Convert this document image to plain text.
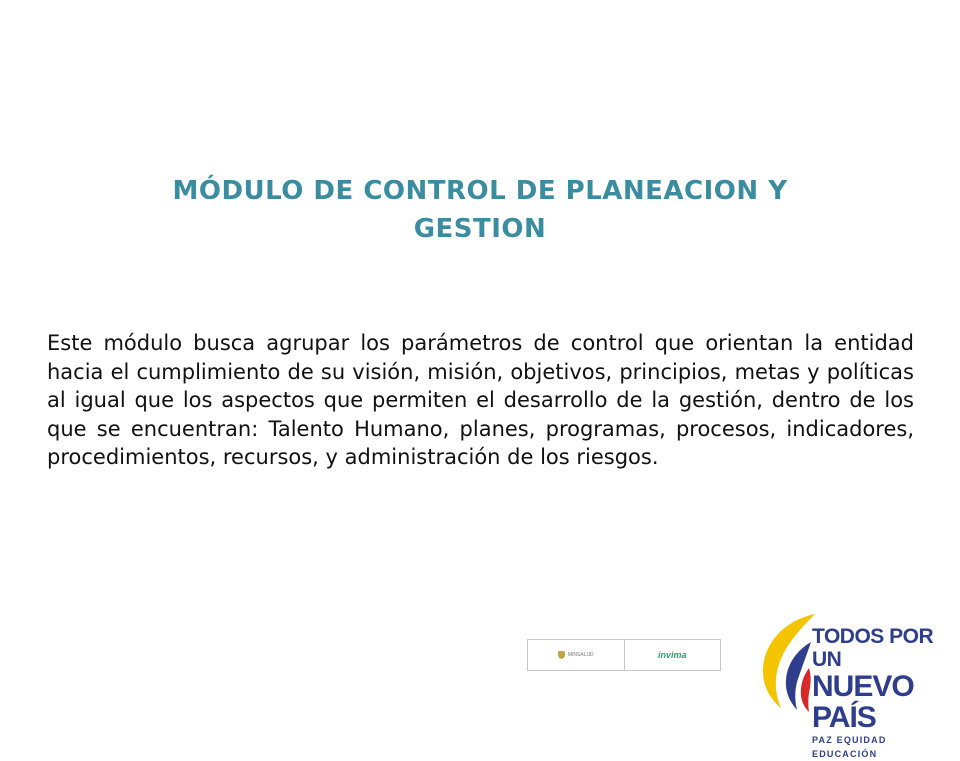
MÓDULO DE CONTROL DE PLANEACION Y
GESTION
Este módulo busca agrupar los parámetros de control que orientan la entidad hacia el cumplimiento de su visión, misión, objetivos, principios, metas y políticas al igual que los aspectos que permiten el desarrollo de la gestión, dentro de los que se encuentran: Talento Humano, planes, programas, procesos, indicadores, procedimientos, recursos, y administración de los riesgos.
MINSALUD	invima
TODOS POR UN
NUEVO PAÍS
PAZ EQUIDAD EDUCACIÓN
